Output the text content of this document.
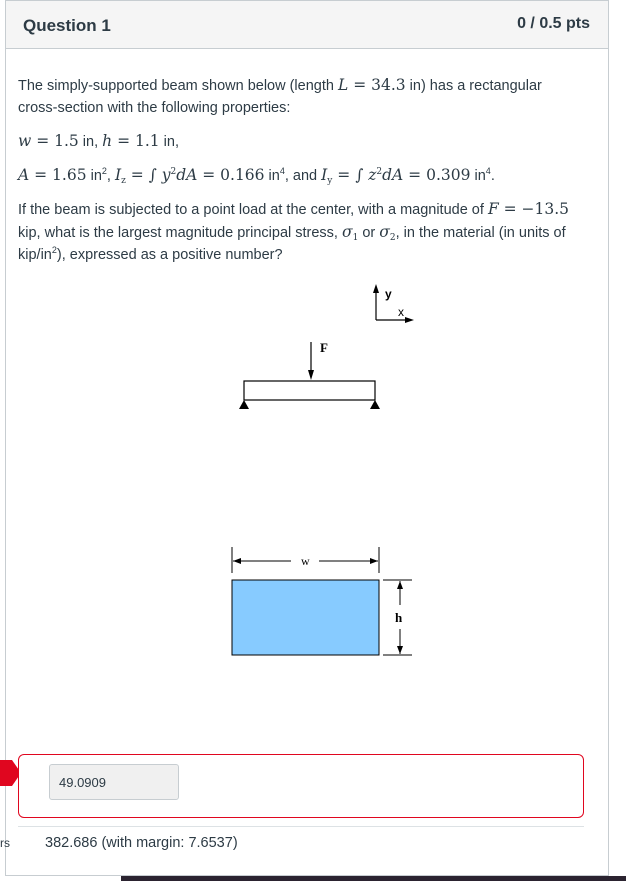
Question 1	0 / 0.5 pts
The simply-supported beam shown below (length L = 34.3 in) has a rectangular
cross-section with the following properties:
w = 1.5 in, h = 1.1 in,
A = 1.65 $in^2$, $I_z$ = ∫ $y^2dA = 0.166$ $in^4$, and $I_y$ = ∫ $z^2dA = 0.309$ $in^4$.
If the beam is subjected to a point load at the center, with a magnitude of F = −13.5
kip, what is the largest magnitude principal stress, $\sigma_1$ or $\sigma_2$, in the material (in units of
kip/$in^2$), expressed as a positive number?
y
x
F
w
h
49.0909
rs 382.686 (with margin: 7.6537)
